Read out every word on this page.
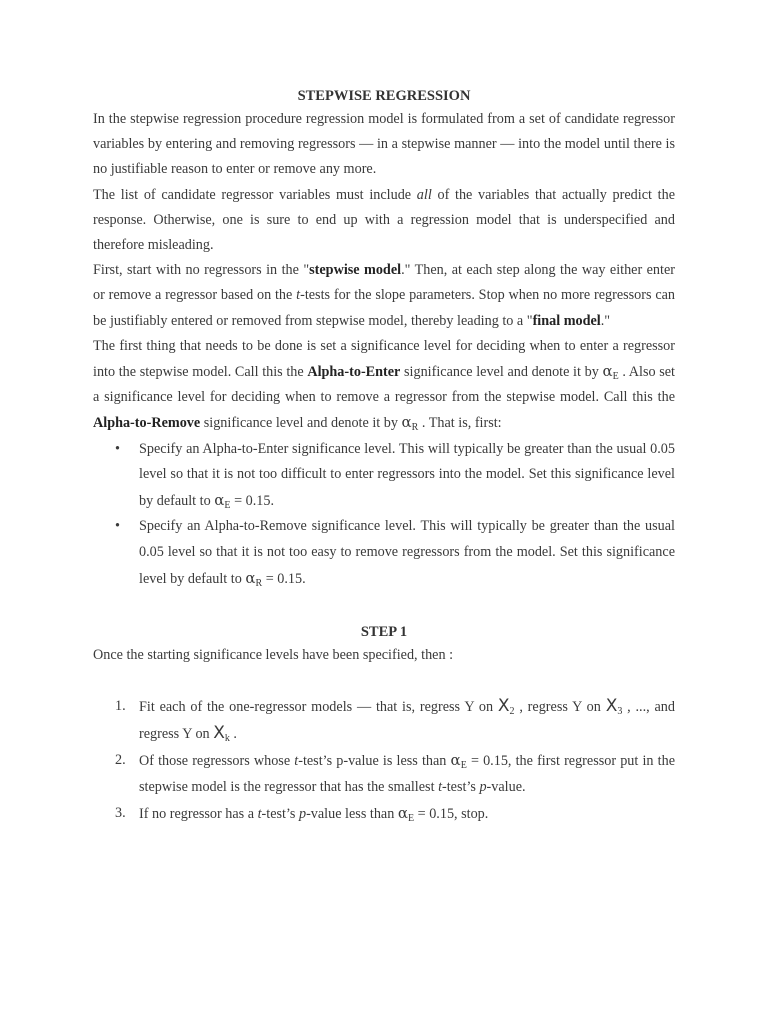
STEPWISE REGRESSION

In the stepwise regression procedure regression model is formulated from a set of candidate regressor variables by entering and removing regressors — in a stepwise manner — into the model until there is no justifiable reason to enter or remove any more.

The list of candidate regressor variables must include all of the variables that actually predict the response. Otherwise, one is sure to end up with a regression model that is underspecified and therefore misleading.

First, start with no regressors in the "stepwise model." Then, at each step along the way either enter or remove a regressor based on the t-tests for the slope parameters. Stop when no more regressors can be justifiably entered or removed from stepwise model, thereby leading to a "final model."

The first thing that needs to be done is set a significance level for deciding when to enter a regressor into the stepwise model. Call this the Alpha-to-Enter significance level and denote it by $\alpha_E$ . Also set a significance level for deciding when to remove a regressor from the stepwise model. Call this the Alpha-to-Remove significance level and denote it by $\alpha_R$ . That is, first:

• Specify an Alpha-to-Enter significance level. This will typically be greater than the usual 0.05 level so that it is not too difficult to enter regressors into the model. Set this significance level by default to $\alpha_E = 0.15$.
• Specify an Alpha-to-Remove significance level. This will typically be greater than the usual 0.05 level so that it is not too easy to remove regressors from the model. Set this significance level by default to $\alpha_R = 0.15$.
STEP 1

Once the starting significance levels have been specified, then :

1. Fit each of the one-regressor models — that is, regress Y on $X_2$ , regress Y on $X_3$ , ..., and regress Y on $X_k$ .
2. Of those regressors whose t-test’s p-value is less than $\alpha_E = 0.15$, the first regressor put in the stepwise model is the regressor that has the smallest t-test’s p-value.
3. If no regressor has a t-test’s p-value less than $\alpha_E = 0.15$, stop.
